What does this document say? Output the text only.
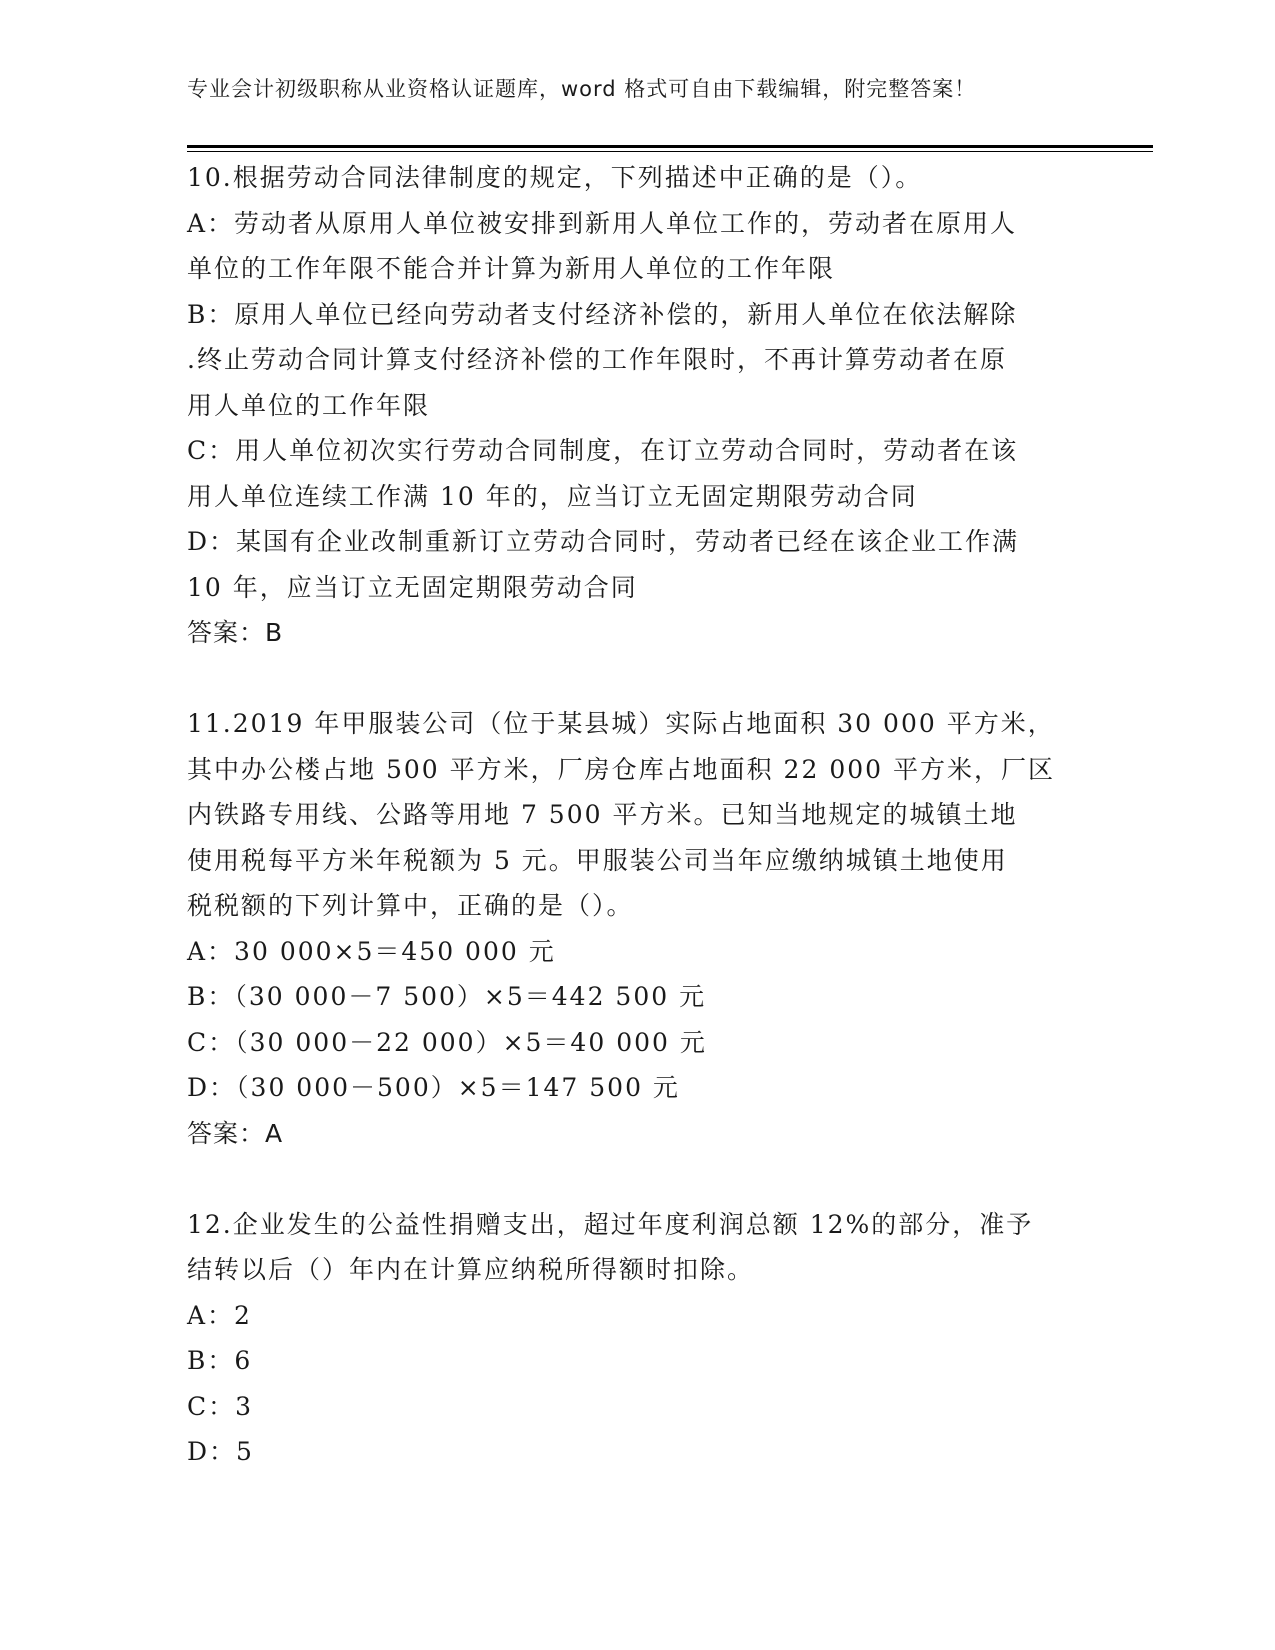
专业会计初级职称从业资格认证题库，word 格式可自由下载编辑，附完整答案！

10.根据劳动合同法律制度的规定，下列描述中正确的是（）。

A：劳动者从原用人单位被安排到新用人单位工作的，劳动者在原用人

单位的工作年限不能合并计算为新用人单位的工作年限

B：原用人单位已经向劳动者支付经济补偿的，新用人单位在依法解除

.终止劳动合同计算支付经济补偿的工作年限时，不再计算劳动者在原

用人单位的工作年限

C：用人单位初次实行劳动合同制度，在订立劳动合同时，劳动者在该

用人单位连续工作满 10 年的，应当订立无固定期限劳动合同

D：某国有企业改制重新订立劳动合同时，劳动者已经在该企业工作满

10 年，应当订立无固定期限劳动合同

答案：B

11.2019 年甲服装公司（位于某县城）实际占地面积 30 000 平方米，

其中办公楼占地 500 平方米，厂房仓库占地面积 22 000 平方米，厂区

内铁路专用线、公路等用地 7 500 平方米。已知当地规定的城镇土地

使用税每平方米年税额为 5 元。甲服装公司当年应缴纳城镇土地使用

税税额的下列计算中，正确的是（）。

A：30 000×5＝450 000 元

B：（30 000－7 500）×5＝442 500 元

C：（30 000－22 000）×5＝40 000 元

D：（30 000－500）×5＝147 500 元

答案：A

12.企业发生的公益性捐赠支出，超过年度利润总额 12%的部分，准予

结转以后（）年内在计算应纳税所得额时扣除。

A：2

B：6

C：3

D：5
